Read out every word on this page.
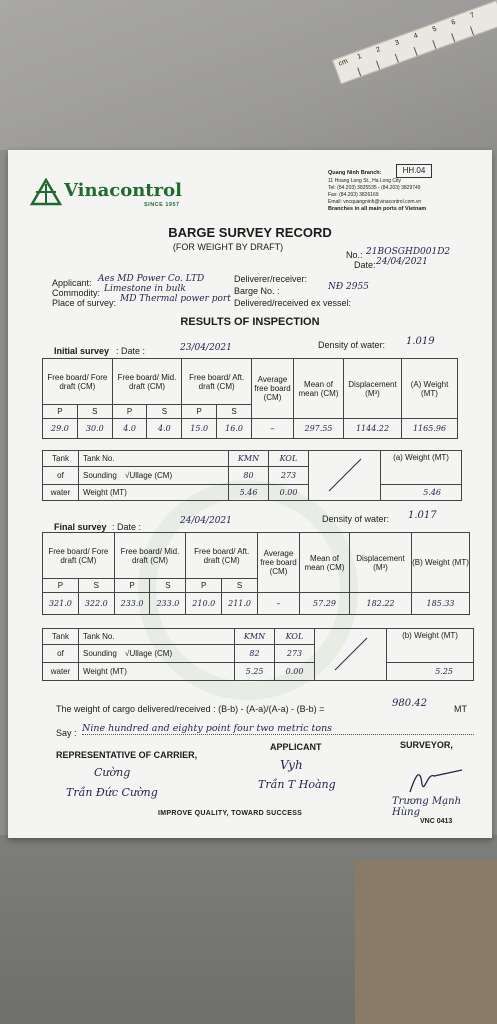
cm
1
2
3
4
5
6
7
Vinacontrol
SINCE 1957
HH.04
Quang Ninh Branch:
11 Hoang Long St., Ha Long City
Tel: (84.203) 3825535 - (84.203) 3829749
Fax: (84.203) 3826169
Email: vncquangninh@vinacontrol.com.vn
Branches in all main ports of Vietnam
BARGE SURVEY RECORD
(FOR WEIGHT BY DRAFT)
No.: 21BOSGHD001D2
Date: 24/04/2021
Applicant: Aes MD Power Co. LTD
Commodity: Limestone in bulk
Place of survey: MD Thermal power port
Deliverer/receiver:
Barge No. :	NĐ 2955
Delivered/received ex vessel:
RESULTS OF INSPECTION
Initial survey : Date :	23/04/2021	Density of water: 1.019
Free board/ Fore draft (CM)		Free board/ Mid. draft (CM)		Free board/ Aft. draft (CM)		Average free board (CM)	Mean of mean (CM)	Displacement (M³)	(A) Weight (MT)
P	S	P	S	P	S				
29.0	30.0	4.0	4.0	15.0	16.0	–	297.55	1144.22	1165.96
Tank	Tank No.	KMN	KOL		(a) Weight (MT)
of	Sounding √Ullage (CM)	80	273		
water	Weight (MT)	5.46	0.00		5.46
Final survey : Date :
24/04/2021	Density of water: 1.017
Free board/ Fore draft (CM)		Free board/ Mid. draft (CM)		Free board/ Aft. draft (CM)		Average free board (CM)	Mean of mean (CM)	Displacement (M³)	(B) Weight (MT)
P	S	P	S	P	S				
321.0	322.0	233.0	233.0	210.0	211.0	–	57.29	182.22	185.33
Tank	Tank No.	KMN	KOL		(b) Weight (MT)
of	Sounding √Ullage (CM)	82	273		
water	Weight (MT)	5.25	0.00		5.25
The weight of cargo delivered/received : (B-b) - (A-a)/(A-a) - (B-b) =	980.42	MT
Say : Nine hundred and eighty point four two metric tons
REPRESENTATIVE OF CARRIER,
APPLICANT	SURVEYOR,
Cường
Trần Đức Cường
Vyh
Trần T Hoàng
Trương Mạnh Hùng
VNC 0413
IMPROVE QUALITY, TOWARD SUCCESS
